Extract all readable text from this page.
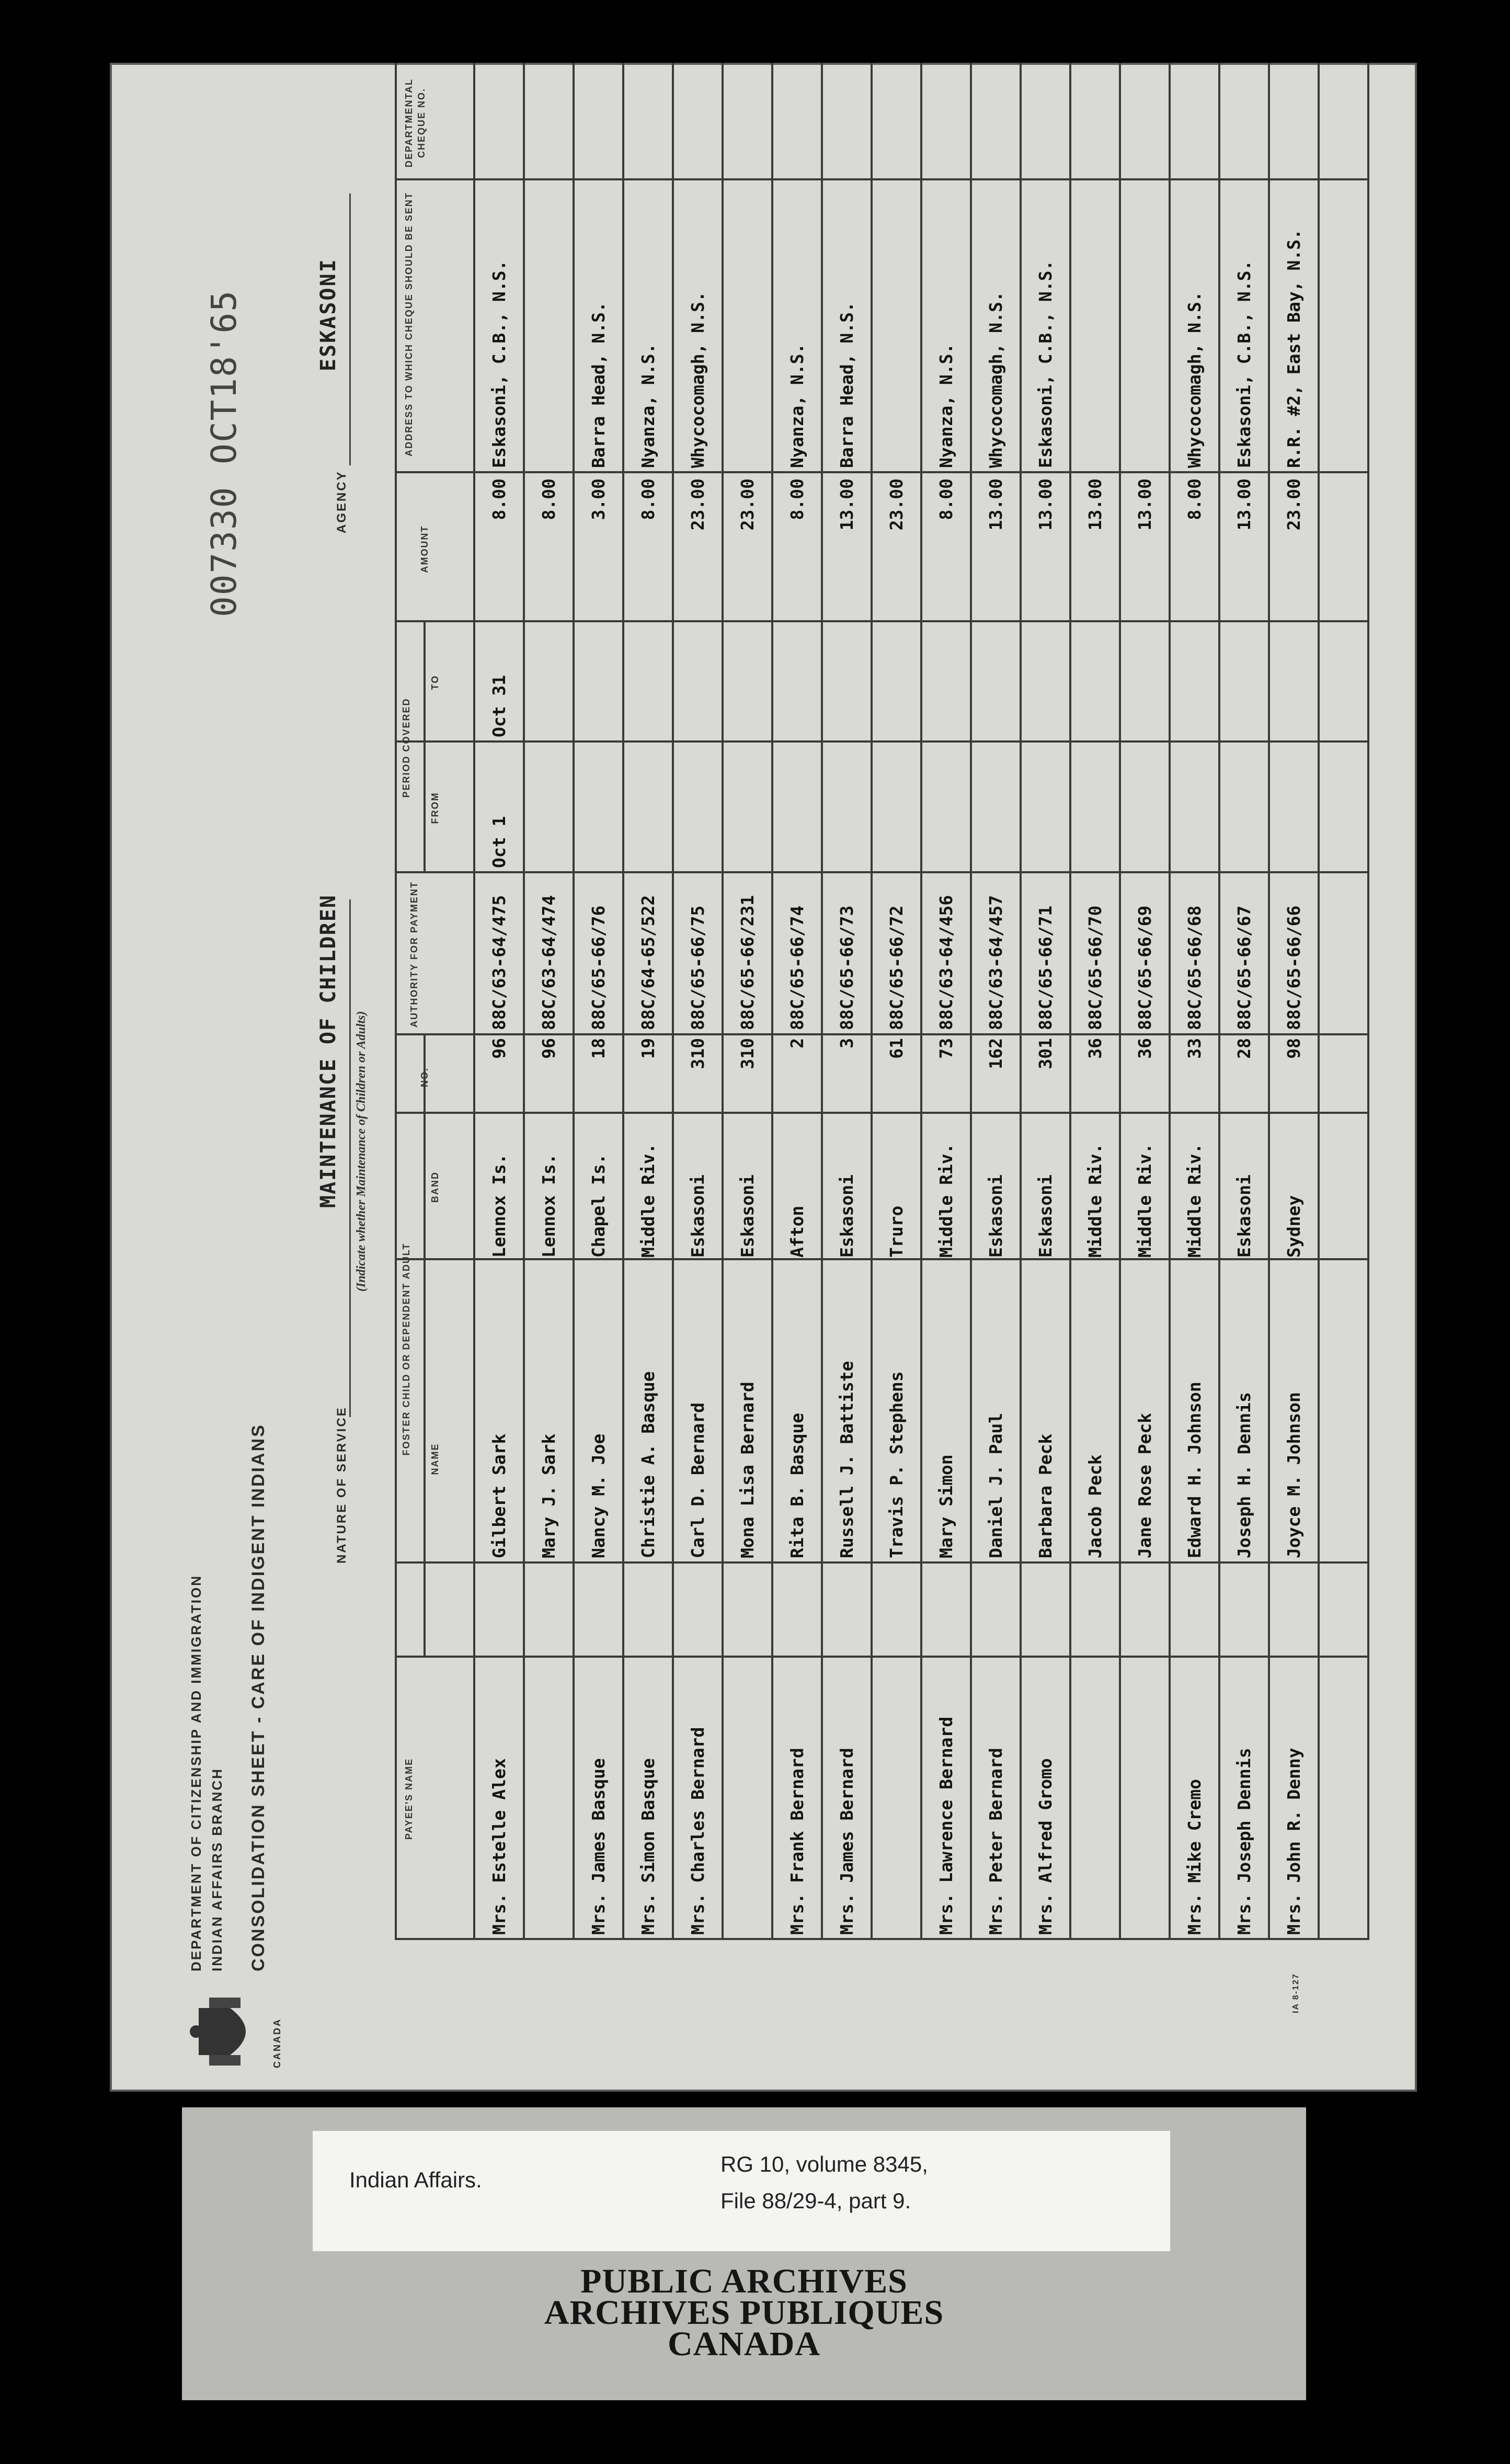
CANADA
DEPARTMENT OF CITIZENSHIP AND IMMIGRATION INDIAN AFFAIRS BRANCH CONSOLIDATION SHEET - CARE OF INDIGENT INDIANS	NATURE OF SERVICE
MAINTENANCE OF CHILDREN (Indicate whether Maintenance of Children or Adults)
AGENCY
ESKASONI
007330 OCT18'65
IA 8-127
PAYEE'S NAME
FOSTER CHILD OR DEPENDENT ADULT
NAME
BAND
NO.
AUTHORITY FOR PAYMENT
PERIOD COVERED
FROM
TO
AMOUNT
ADDRESS TO WHICH CHEQUE SHOULD BE SENT
DEPARTMENTAL CHEQUE NO.
Mrs. Estelle Alex
Gilbert Sark
Lennox Is.
96
88C/63-64/475
Oct 1
Oct 31
8.00
Eskasoni, C.B., N.S.
Mary J. Sark
Lennox Is.
96
88C/63-64/474
8.00
Mrs. James Basque
Nancy M. Joe
Chapel Is.
18
88C/65-66/76
3.00
Barra Head, N.S.
Mrs. Simon Basque
Christie A. Basque
Middle Riv.
19
88C/64-65/522
8.00
Nyanza, N.S.
Mrs. Charles Bernard
Carl D. Bernard
Eskasoni
310
88C/65-66/75
23.00
Whycocomagh, N.S.
Mona Lisa Bernard
Eskasoni
310
88C/65-66/231
23.00
Mrs. Frank Bernard
Rita B. Basque
Afton
2
88C/65-66/74
8.00
Nyanza, N.S.
Mrs. James Bernard
Russell J. Battiste
Eskasoni
3
88C/65-66/73
13.00
Barra Head, N.S.
Travis P. Stephens
Truro
61
88C/65-66/72
23.00
Mrs. Lawrence Bernard
Mary Simon
Middle Riv.
73
88C/63-64/456
8.00
Nyanza, N.S.
Mrs. Peter Bernard
Daniel J. Paul
Eskasoni
162
88C/63-64/457
13.00
Whycocomagh, N.S.
Mrs. Alfred Gromo
Barbara Peck
Eskasoni
301
88C/65-66/71
13.00
Eskasoni, C.B., N.S.
Jacob Peck
Middle Riv.
36
88C/65-66/70
13.00
Jane Rose Peck
Middle Riv.
36
88C/65-66/69
13.00
Mrs. Mike Cremo
Edward H. Johnson
Middle Riv.
33
88C/65-66/68
8.00
Whycocomagh, N.S.
Mrs. Joseph Dennis
Joseph H. Dennis
Eskasoni
28
88C/65-66/67
13.00
Eskasoni, C.B., N.S.
Mrs. John R. Denny
Joyce M. Johnson
Sydney
98
88C/65-66/66
23.00
R.R. #2, East Bay, N.S.
Indian Affairs.
RG 10, volume 8345,
File 88/29-4, part 9.
PUBLIC ARCHIVES
ARCHIVES PUBLIQUES
CANADA
